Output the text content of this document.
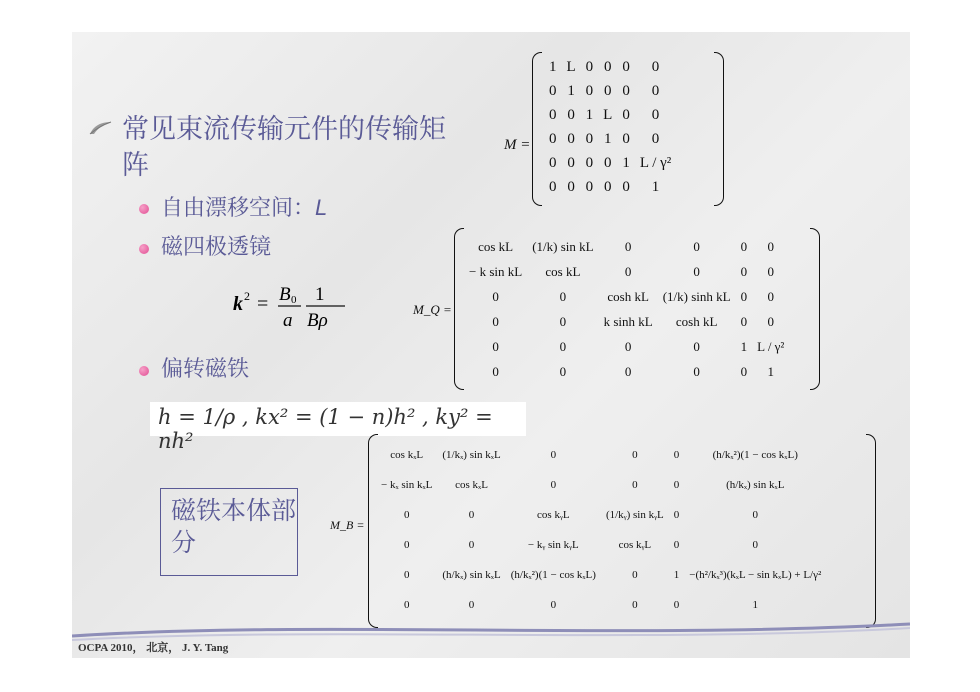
常见束流传输元件的传输矩阵
自由漂移空间：L
磁四极透镜
偏转磁铁
k 2 = B 0
a
1
Bρ
M =
1	L	0	0	0	0
0	1	0	0	0	0
0	0	1	L	0	0
0	0	0	1	0	0
0	0	0	0	1	L / γ²
0	0	0	0	0	1
M_Q =
cos kL	(1/k) sin kL	0	0	0	0
− k sin kL	cos kL	0	0	0	0
0	0	cosh kL	(1/k) sinh kL	0	0
0	0	k sinh kL	cosh kL	0	0
0	0	0	0	1	L / γ²
0	0	0	0	0	1
h = 1/ρ , kx² = (1 − n)h² , ky² = nh²
磁铁本体部分
M_B =
cos kₓL	(1/kₓ) sin kₓL	0	0	0	(h/kₓ²)(1 − cos kₓL)
− kₓ sin kₓL	cos kₓL	0	0	0	(h/kₓ) sin kₓL
0	0	cos kᵧL	(1/kᵧ) sin kᵧL	0	0
0	0	− kᵧ sin kᵧL	cos kᵧL	0	0
0	(h/kₓ) sin kₓL	(h/kₓ²)(1 − cos kₓL)	0	1	−(h²/kₓ³)(kₓL − sin kₓL) + L/γ²
0	0	0	0	0	1
OCPA 2010， 北京， J. Y. Tang
